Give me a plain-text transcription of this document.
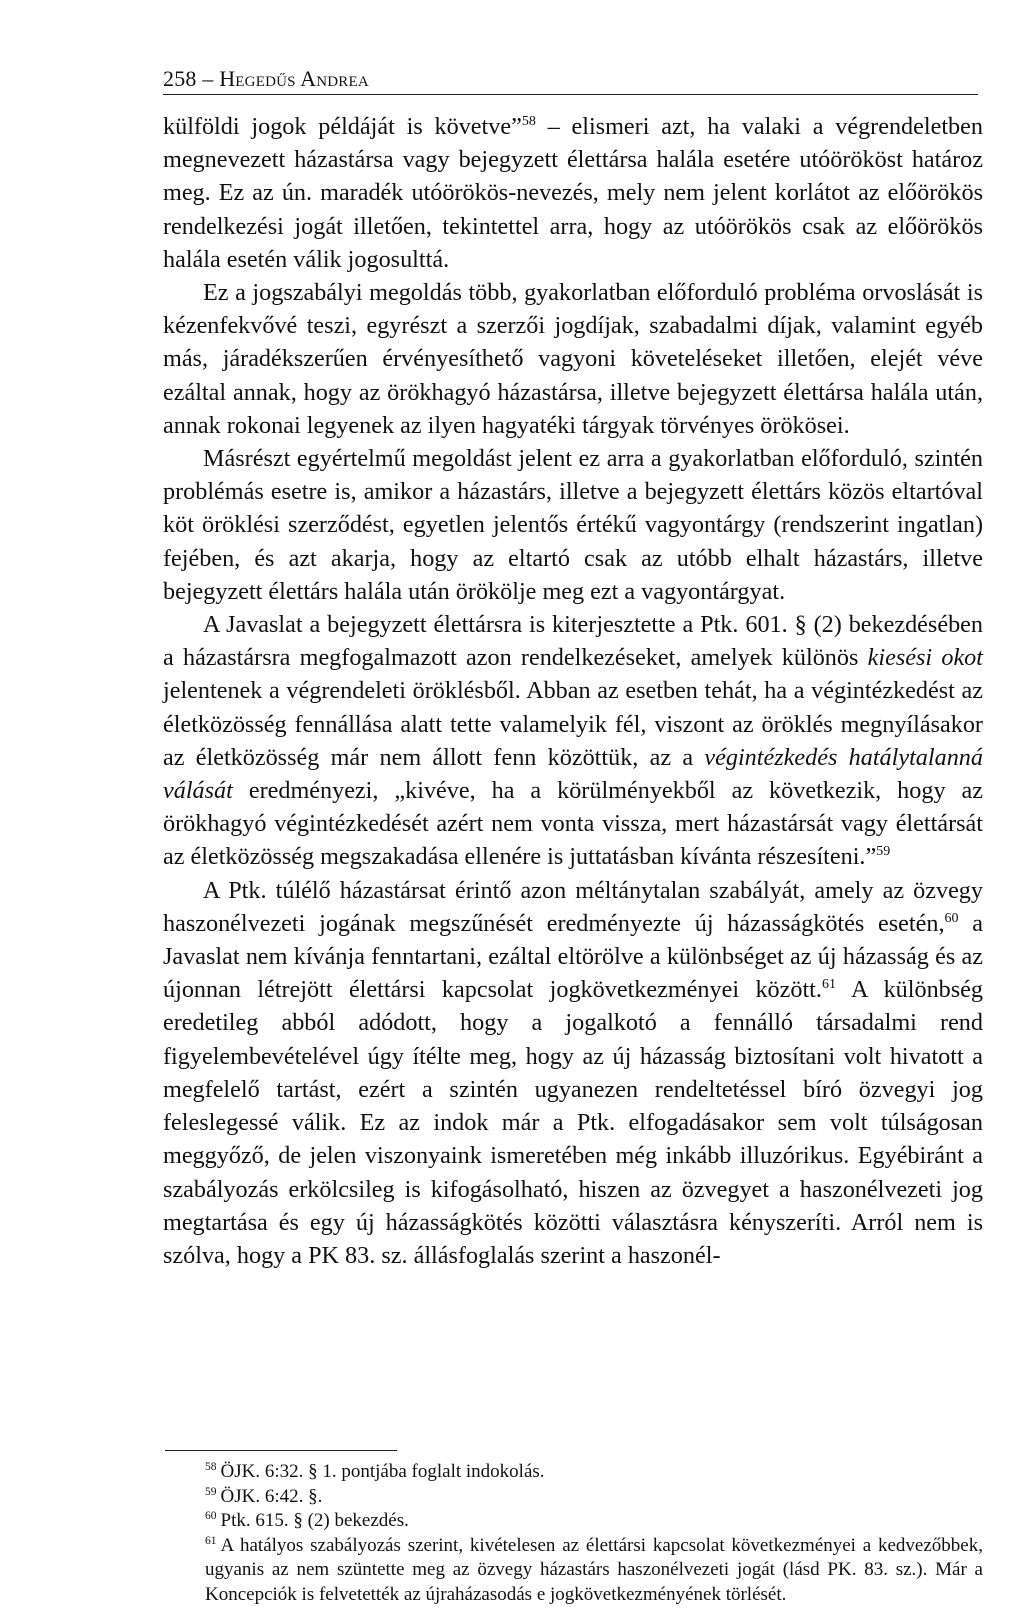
258 – Hegedűs Andrea

külföldi jogok példáját is követve”$^{58}$ – elismeri azt, ha valaki a végrendeletben megnevezett házastársa vagy bejegyzett élettársa halála esetére utóörököst határoz meg. Ez az ún. maradék utóörökös-nevezés, mely nem jelent korlátot az előörökös rendelkezési jogát illetően, tekintettel arra, hogy az utóörökös csak az előörökös halála esetén válik jogosulttá.

Ez a jogszabályi megoldás több, gyakorlatban előforduló probléma orvoslását is kézenfekvővé teszi, egyrészt a szerzői jogdíjak, szabadalmi díjak, valamint egyéb más, járadékszerűen érvényesíthető vagyoni követeléseket illetően, elejét véve ezáltal annak, hogy az örökhagyó házastársa, illetve bejegyzett élettársa halála után, annak rokonai legyenek az ilyen hagyatéki tárgyak törvényes örökösei.

Másrészt egyértelmű megoldást jelent ez arra a gyakorlatban előforduló, szintén problémás esetre is, amikor a házastárs, illetve a bejegyzett élettárs közös eltartóval köt öröklési szerződést, egyetlen jelentős értékű vagyontárgy (rendszerint ingatlan) fejében, és azt akarja, hogy az eltartó csak az utóbb elhalt házastárs, illetve bejegyzett élettárs halála után örökölje meg ezt a vagyontárgyat.

A Javaslat a bejegyzett élettársra is kiterjesztette a Ptk. 601. § (2) bekezdésében a házastársra megfogalmazott azon rendelkezéseket, amelyek különös kiesési okot jelentenek a végrendeleti öröklésből. Abban az esetben tehát, ha a végintézkedést az életközösség fennállása alatt tette valamelyik fél, viszont az öröklés megnyílásakor az életközösség már nem állott fenn közöttük, az a végintézkedés hatálytalanná válását eredményezi, „kivéve, ha a körülményekből az következik, hogy az örökhagyó végintézkedését azért nem vonta vissza, mert házastársát vagy élettársát az életközösség megszakadása ellenére is juttatásban kívánta részesíteni.”$^{59}$

A Ptk. túlélő házastársat érintő azon méltánytalan szabályát, amely az özvegy haszonélvezeti jogának megszűnését eredményezte új házasságkötés esetén,$^{60}$ a Javaslat nem kívánja fenntartani, ezáltal eltörölve a különbséget az új házasság és az újonnan létrejött élettársi kapcsolat jogkövetkezményei között.$^{61}$ A különbség eredetileg abból adódott, hogy a jogalkotó a fennálló társadalmi rend figyelembevételével úgy ítélte meg, hogy az új házasság biztosítani volt hivatott a megfelelő tartást, ezért a szintén ugyanezen rendeltetéssel bíró özvegyi jog feleslegessé válik. Ez az indok már a Ptk. elfogadásakor sem volt túlságosan meggyőző, de jelen viszonyaink ismeretében még inkább illuzórikus. Egyébiránt a szabályozás erkölcsileg is kifogásolható, hiszen az özvegyet a haszonélvezeti jog megtartása és egy új házasságkötés közötti választásra kényszeríti. Arról nem is szólva, hogy a PK 83. sz. állásfoglalás szerint a haszonél-

$^{58}$ ÖJK. 6:32. § 1. pontjába foglalt indokolás.

$^{59}$ ÖJK. 6:42. §.

$^{60}$ Ptk. 615. § (2) bekezdés.

$^{61}$ A hatályos szabályozás szerint, kivételesen az élettársi kapcsolat következményei a kedvezőbbek, ugyanis az nem szüntette meg az özvegy házastárs haszonélvezeti jogát (lásd PK. 83. sz.). Már a Koncepciók is felvetették az újraházasodás e jogkövetkezményének törlését.
